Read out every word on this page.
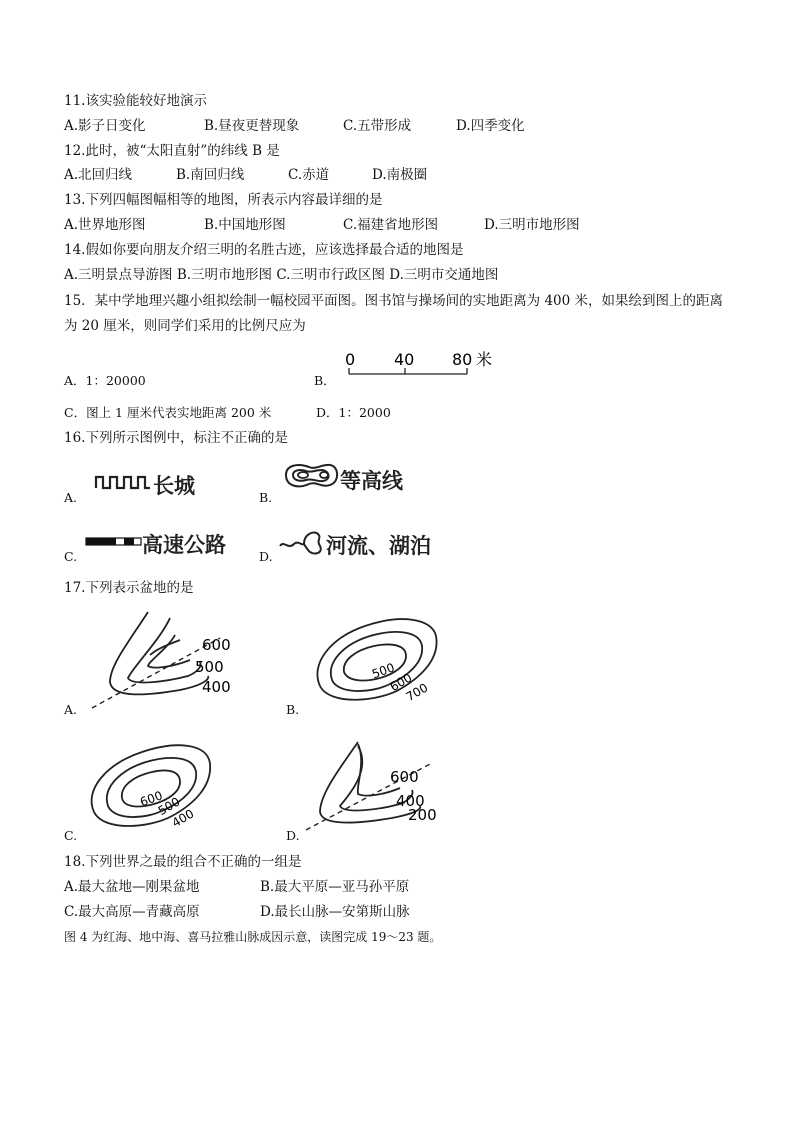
11.该实验能较好地演示
A.影子日变化	B.昼夜更替现象	C.五带形成	D.四季变化
12.此时，被“太阳直射”的纬线 B 是
A.北回归线	B.南回归线	C.赤道	D.南极圈
13.下列四幅图幅相等的地图，所表示内容最详细的是
A.世界地形图	B.中国地形图	C.福建省地形图	D.三明市地形图
14.假如你要向朋友介绍三明的名胜古迹，应该选择最合适的地图是
A.三明景点导游图 B.三明市地形图 C.三明市行政区图 D.三明市交通地图
15．某中学地理兴趣小组拟绘制一幅校园平面图。图书馆与操场间的实地距离为 400 米，如果绘到图上的距离
为 20 厘米，则同学们采用的比例尺应为
A．1：20000	B．
0 40 80 米
C．图上 1 厘米代表实地距离 200 米	D．1：2000
16.下列所示图例中，标注不正确的是
A.	长城	B.
等高线
C.	高速公路	D.	河流、湖泊
17.下列表示盆地的是
A.
600
500
400
B.
500
600
700
C.
600
500
400
D.
600
400
200
18.下列世界之最的组合不正确的一组是
A.最大盆地—刚果盆地	B.最大平原—亚马孙平原
C.最大高原—青藏高原	D.最长山脉—安第斯山脉
图 4 为红海、地中海、喜马拉雅山脉成因示意，读图完成 19～23 题。
